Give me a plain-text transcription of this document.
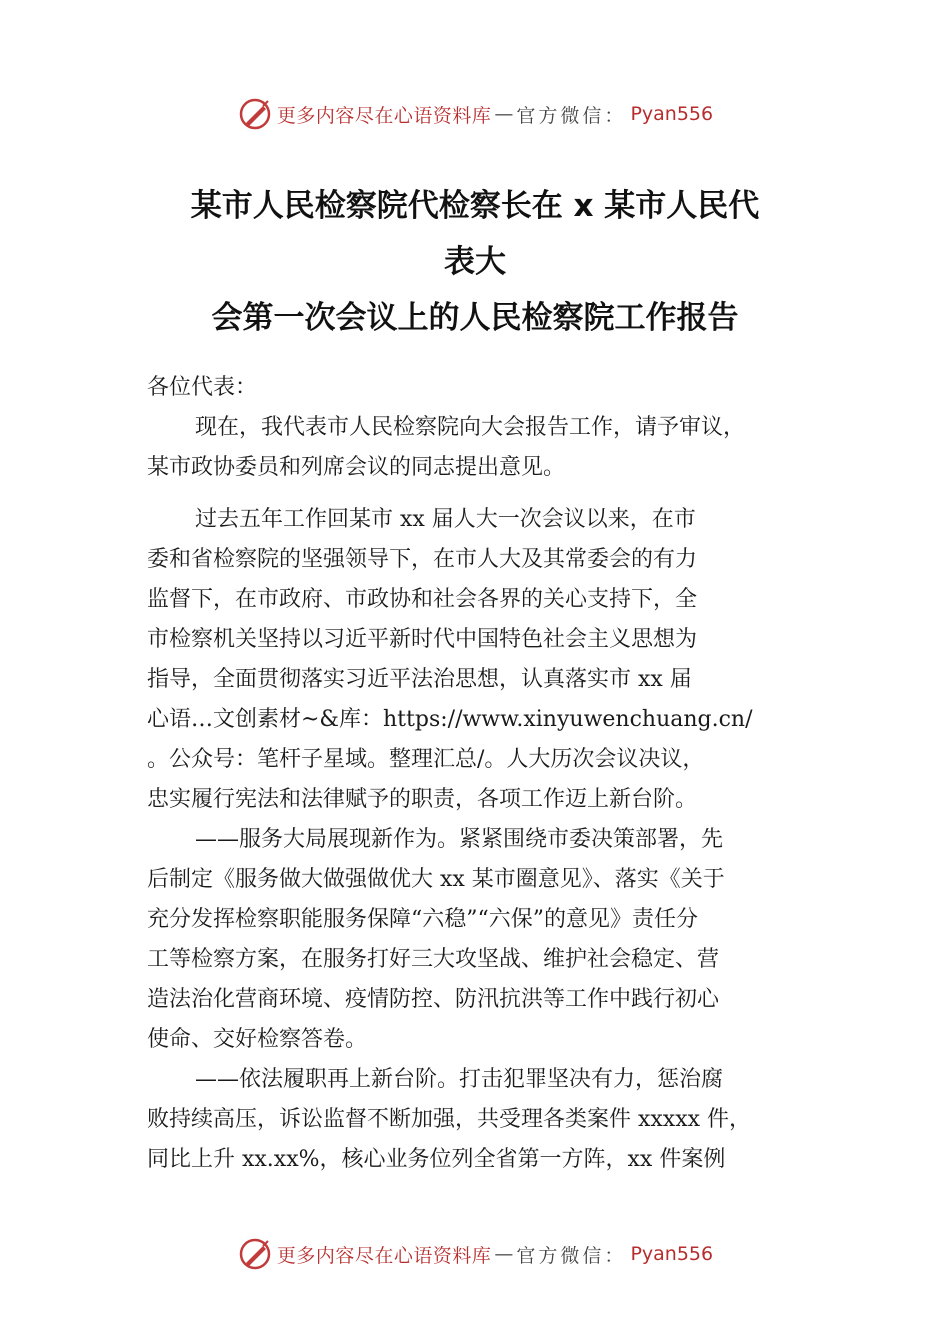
更多内容尽在心语资料库 — 官方微信： Pyan556
某市人民检察院代检察长在 x 某市人民代
表大
会第一次会议上的人民检察院工作报告
各位代表：
现在，我代表市人民检察院向大会报告工作，请予审议，
某市政协委员和列席会议的同志提出意见。
过去五年工作回某市 xx 届人大一次会议以来，在市
委和省检察院的坚强领导下，在市人大及其常委会的有力
监督下，在市政府、市政协和社会各界的关心支持下，全
市检察机关坚持以习近平新时代中国特色社会主义思想为
指导，全面贯彻落实习近平法治思想，认真落实市 xx 届
心语…文创素材~&库：https://www.xinyuwenchuang.cn/
。公众号：笔杆子星域。整理汇总/。人大历次会议决议，
忠实履行宪法和法律赋予的职责，各项工作迈上新台阶。
——服务大局展现新作为。紧紧围绕市委决策部署，先
后制定《服务做大做强做优大 xx 某市圈意见》、落实《关于
充分发挥检察职能服务保障“六稳”“六保”的意见》责任分
工等检察方案，在服务打好三大攻坚战、维护社会稳定、营
造法治化营商环境、疫情防控、防汛抗洪等工作中践行初心
使命、交好检察答卷。
——依法履职再上新台阶。打击犯罪坚决有力，惩治腐
败持续高压，诉讼监督不断加强，共受理各类案件 xxxxx 件，
同比上升 xx.xx%，核心业务位列全省第一方阵，xx 件案例
更多内容尽在心语资料库 — 官方微信： Pyan556
